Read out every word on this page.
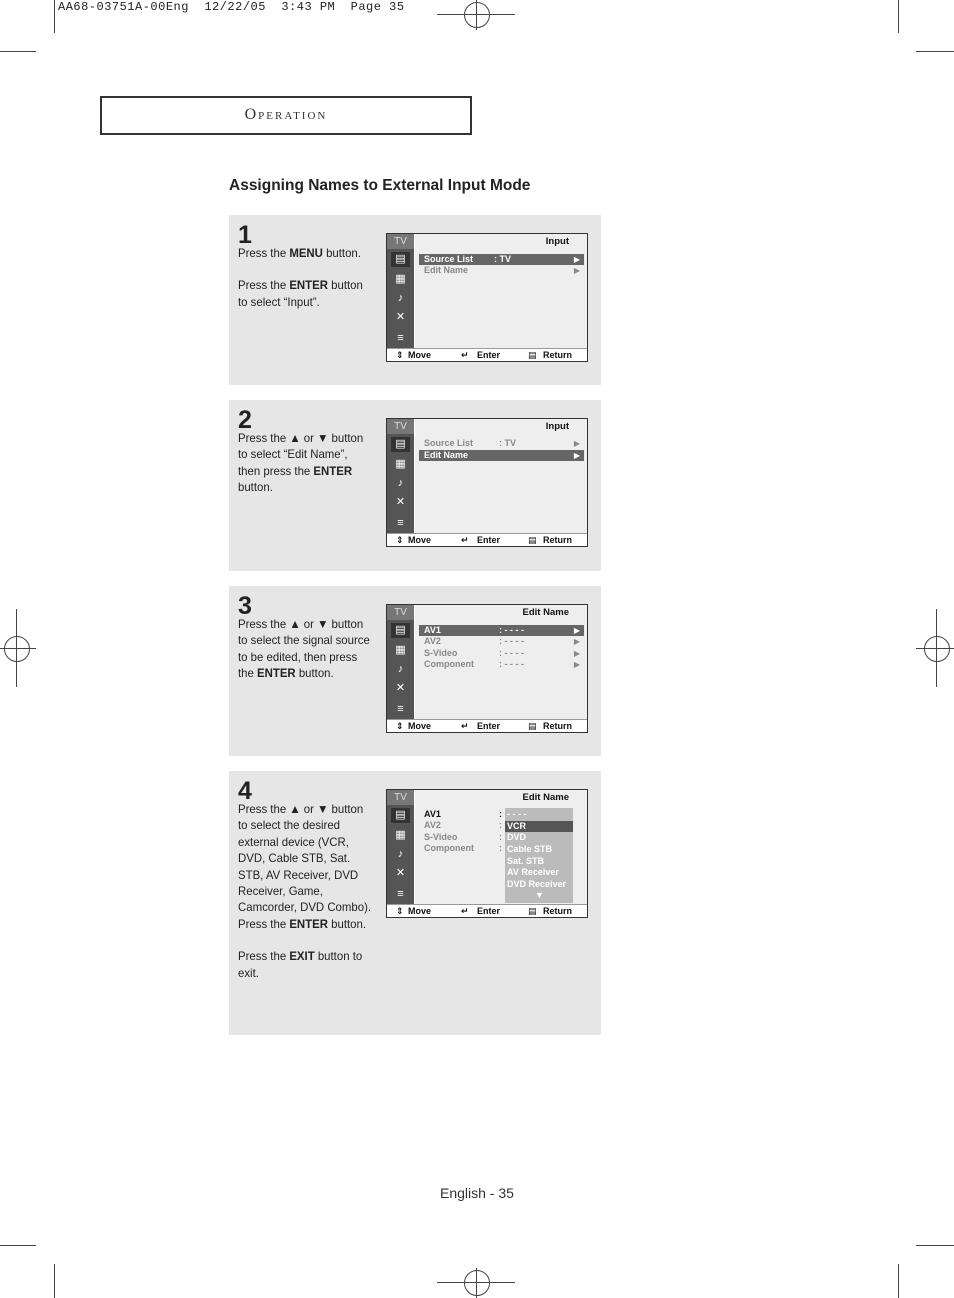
AA68-03751A-00Eng  12/22/05  3:43 PM  Page 35
Operation
Assigning Names to External Input Mode
1

Press the MENU button.

Press the ENTER button to select “Input”.

TV
▤
▦
♪
✕
≡
Input
Source List : TV	▶
Edit Name	▶
⇕ Move	↵ Enter	▤ Return
2

Press the ▲ or ▼ button to select “Edit Name”, then press the ENTER button.

TV
▤
▦
♪
✕
≡
Input
Source List	: TV	▶
Edit Name	▶
⇕ Move	↵ Enter	▤ Return
3

Press the ▲ or ▼ button to select the signal source to be edited, then press the ENTER button.

TV
▤
▦
♪
✕
≡
Edit Name
AV1	: - - - -	▶
AV2	: - - - -	▶
S-Video	: - - - -	▶
Component	: - - - -	▶
⇕ Move	↵ Enter	▤ Return
4

Press the ▲ or ▼ button to select the desired external device (VCR, DVD, Cable STB, Sat. STB, AV Receiver, DVD Receiver, Game, Camcorder, DVD Combo).

Press the ENTER button.

Press the EXIT button to exit.

TV
▤
▦
♪
✕
≡
Edit Name
AV1	:
AV2	:
S-Video	:
Component	:
- - - -
VCR
DVD
Cable STB
Sat. STB
AV Receiver
DVD Receiver
▼
⇕ Move	↵ Enter	▤ Return
English - 35
